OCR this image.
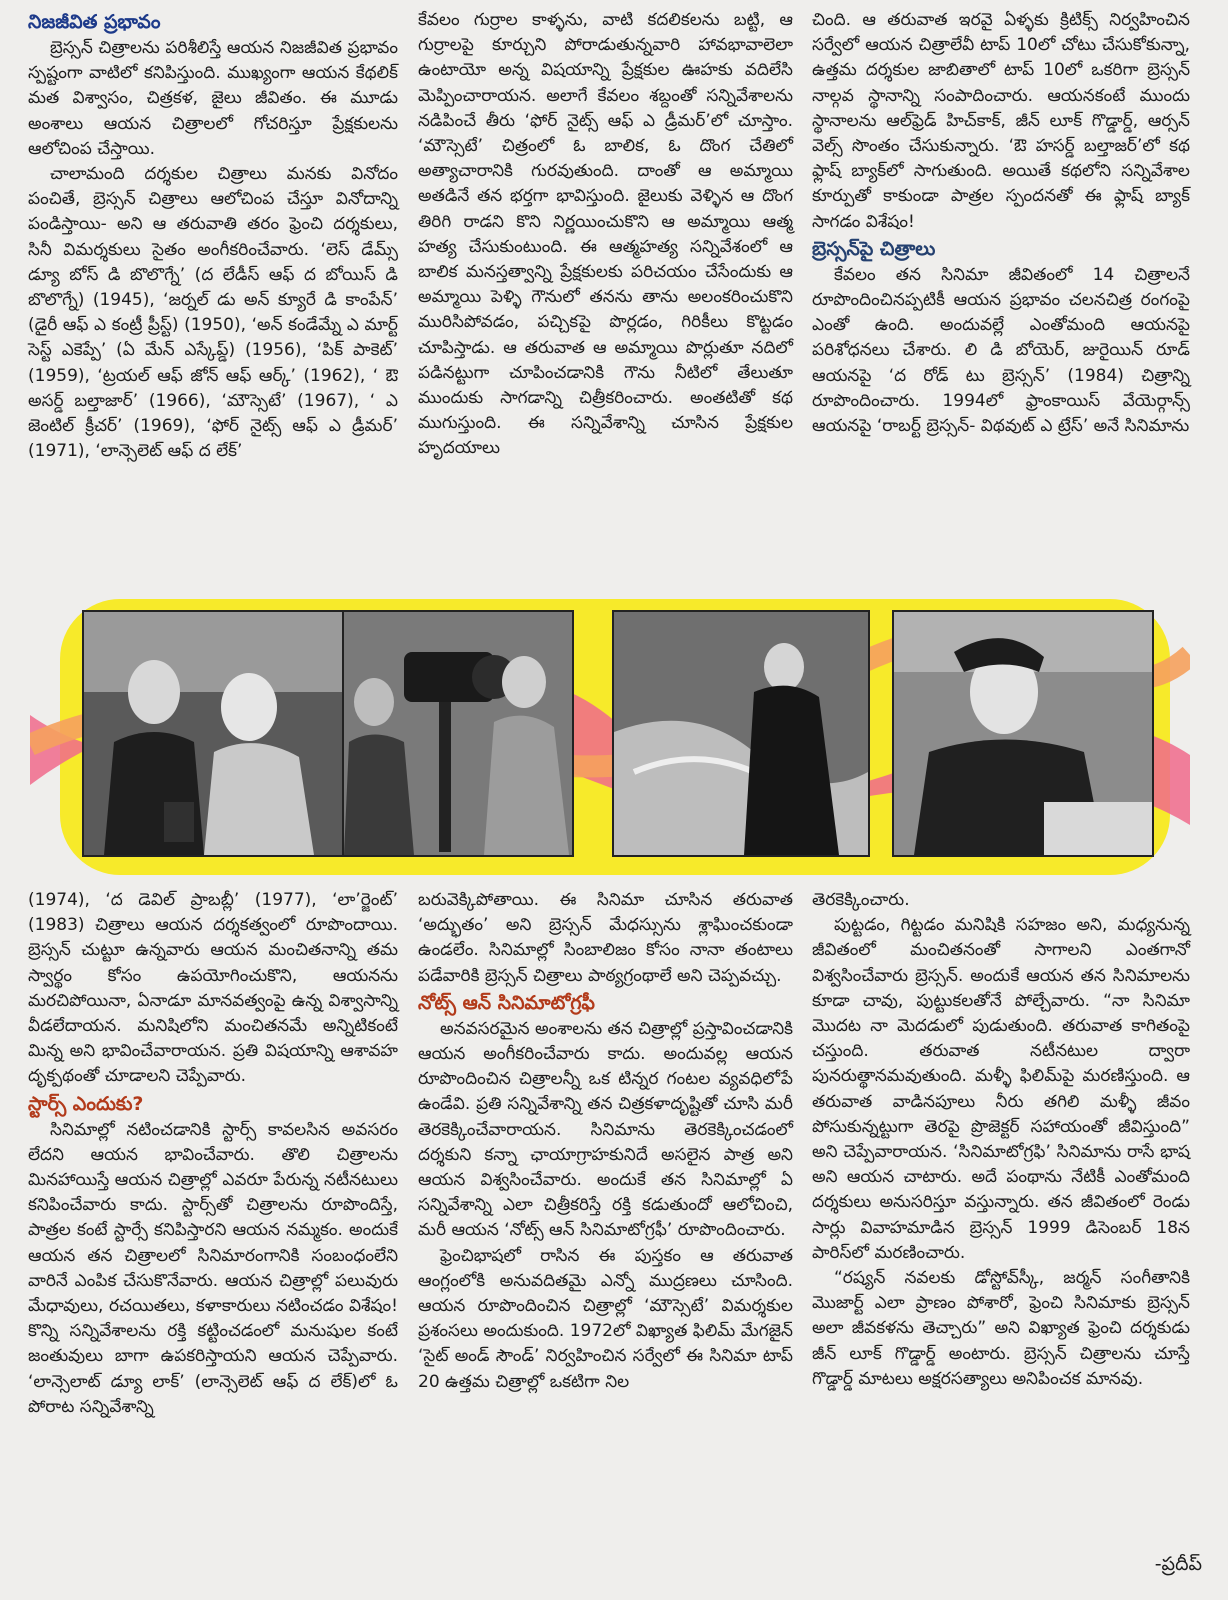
నిజజీవిత ప్రభావం

బ్రెస్సన్ చిత్రాలను పరిశీలిస్తే ఆయన నిజజీవిత ప్రభావం స్పష్టంగా వాటిలో కనిపిస్తుంది. ముఖ్యంగా ఆయన కేథలిక్ మత విశ్వాసం, చిత్రకళ, జైలు జీవితం. ఈ మూడు అంశాలు ఆయన చిత్రాలలో గోచరిస్తూ ప్రేక్షకులను ఆలోచింప చేస్తాయి.

చాలామంది దర్శకుల చిత్రాలు మనకు వినోదం పంచితే, బ్రెస్సన్ చిత్రాలు ఆలోచింప చేస్తూ వినోదాన్ని పండిస్తాయి- అని ఆ తరువాతి తరం ఫ్రెంచి దర్శకులు, సినీ విమర్శకులు సైతం అంగీకరించేవారు. ‘లెస్ డేమ్స్ డ్యూ బోస్ డి బొలొగ్నే’ (ద లేడీస్ ఆఫ్ ద బోయిస్ డి బొలొగ్నే) (1945), ‘జర్నల్ డు అన్ క్యూరే డి కాంపేన్’ (డైరీ ఆఫ్ ఎ కంట్రీ ప్రీస్ట్) (1950), ‘అన్ కండేమ్నే ఎ మార్ట్ సెస్ట్ ఎకెప్పే’ (ఏ మేన్ ఎస్కేప్డ్) (1956), ‘పిక్ పాకెట్’ (1959), ‘ట్రయల్ ఆఫ్ జోన్ ఆఫ్ ఆర్క్’ (1962), ‘ ఔ అసర్డ్ బల్తాజార్’ (1966), ‘మౌస్సెటే’ (1967), ‘ ఎ జెంటిల్ క్రీచర్’ (1969), ‘ఫోర్ నైట్స్ ఆఫ్ ఎ డ్రీమర్’ (1971), ‘లాన్సెలెట్ ఆఫ్ ద లేక్’

కేవలం గుర్రాల కాళ్ళను, వాటి కదలికలను బట్టి, ఆ గుర్రాలపై కూర్చుని పోరాడుతున్నవారి హావభావాలెలా ఉంటాయో అన్న విషయాన్ని ప్రేక్షకుల ఊహకు వదిలేసి మెప్పించారాయన. అలాగే కేవలం శబ్దంతో సన్నివేశాలను నడిపించే తీరు ‘ఫోర్ నైట్స్ ఆఫ్ ఎ డ్రీమర్’లో చూస్తాం. ‘మౌస్సెటే’ చిత్రంలో ఓ బాలిక, ఓ దొంగ చేతిలో అత్యాచారానికి గురవుతుంది. దాంతో ఆ అమ్మాయి అతడినే తన భర్తగా భావిస్తుంది. జైలుకు వెళ్ళిన ఆ దొంగ తిరిగి రాడని కొని నిర్ణయించుకొని ఆ అమ్మాయి ఆత్మ హత్య చేసుకుంటుంది. ఈ ఆత్మహత్య సన్నివేశంలో ఆ బాలిక మనస్తత్వాన్ని ప్రేక్షకులకు పరిచయం చేసేందుకు ఆ అమ్మాయి పెళ్ళి గౌనులో తనను తాను అలంకరించుకొని మురిసిపోవడం, పచ్చికపై పొర్లడం, గిరికీలు కొట్టడం చూపిస్తాడు. ఆ తరువాత ఆ అమ్మాయి పొర్లుతూ నదిలో పడినట్టుగా చూపించడానికి గౌను నీటిలో తేలుతూ ముందుకు సాగడాన్ని చిత్రీకరించారు. అంతటితో కథ ముగుస్తుంది. ఈ సన్నివేశాన్ని చూసిన ప్రేక్షకుల హృదయాలు

చింది. ఆ తరువాత ఇరవై ఏళ్ళకు క్రిటిక్స్ నిర్వహించిన సర్వేలో ఆయన చిత్రాలేవీ టాప్ 10లో చోటు చేసుకోకున్నా, ఉత్తమ దర్శకుల జాబితాలో టాప్ 10లో ఒకరిగా బ్రెస్సన్ నాల్గవ స్థానాన్ని సంపాదించారు. ఆయనకంటే ముందు స్థానాలను ఆల్‌ఫ్రెడ్ హిచ్‌కాక్, జీన్ లూక్ గొడ్డార్డ్, ఆర్సన్ వెల్స్ సొంతం చేసుకున్నారు. ‘ఔ హసర్డ్ బల్తాజర్’లో కథ ఫ్లాష్ బ్యాక్‌లో సాగుతుంది. అయితే కథలోని సన్నివేశాల కూర్పుతో కాకుండా పాత్రల స్పందనతో ఈ ఫ్లాష్ బ్యాక్ సాగడం విశేషం!

బ్రెస్సన్‌పై చిత్రాలు

కేవలం తన సినిమా జీవితంలో 14 చిత్రాలనే రూపొందించినప్పటికీ ఆయన ప్రభావం చలనచిత్ర రంగంపై ఎంతో ఉంది. అందువల్లే ఎంతోమంది ఆయనపై పరిశోధనలు చేశారు. లి డి బోయెర్, జురైయిన్ రూడ్ ఆయనపై ‘ద రోడ్ టు బ్రెస్సన్’ (1984) చిత్రాన్ని రూపొందించారు. 1994లో ఫ్రాంకాయిస్ వేయెర్గాన్స్ ఆయనపై ‘రాబర్ట్ బ్రెస్సన్- విథవుట్ ఎ ట్రేస్’ అనే సినిమాను

(1974), ‘ద డెవిల్ ప్రాబబ్లీ’ (1977), ‘లా’ర్జెంట్’ (1983) చిత్రాలు ఆయన దర్శకత్వంలో రూపొందాయి. బ్రెస్సన్ చుట్టూ ఉన్నవారు ఆయన మంచితనాన్ని తమ స్వార్థం కోసం ఉపయోగించుకొని, ఆయనను మరచిపోయినా, ఏనాడూ మానవత్వంపై ఉన్న విశ్వాసాన్ని వీడలేదాయన. మనిషిలోని మంచితనమే అన్నిటికంటే మిన్న అని భావించేవారాయన. ప్రతి విషయాన్ని ఆశావహ దృక్పథంతో చూడాలని చెప్పేవారు.

స్టార్స్ ఎందుకు?

సినిమాల్లో నటించడానికి స్టార్స్ కావలసిన అవసరం లేదని ఆయన భావించేవారు. తొలి చిత్రాలను మినహాయిస్తే ఆయన చిత్రాల్లో ఎవరూ పేరున్న నటీనటులు కనిపించేవారు కాదు. స్టార్స్‌తో చిత్రాలను రూపొందిస్తే, పాత్రల కంటే స్టార్సే కనిపిస్తారని ఆయన నమ్మకం. అందుకే ఆయన తన చిత్రాలలో సినిమారంగానికి సంబంధంలేని వారినే ఎంపిక చేసుకొనేవారు. ఆయన చిత్రాల్లో పలువురు మేధావులు, రచయితలు, కళాకారులు నటించడం విశేషం! కొన్ని సన్నివేశాలను రక్తి కట్టించడంలో మనుషుల కంటే జంతువులు బాగా ఉపకరిస్తాయని ఆయన చెప్పేవారు. ‘లాన్సెలాట్ డ్యూ లాక్’ (లాన్సెలెట్ ఆఫ్ ద లేక్)లో ఓ పోరాట సన్నివేశాన్ని

బరువెక్కిపోతాయి. ఈ సినిమా చూసిన తరువాత ‘అద్భుతం’ అని బ్రెస్సన్ మేధస్సును శ్లాఘించకుండా ఉండలేం. సినిమాల్లో సింబాలిజం కోసం నానా తంటాలు పడేవారికి బ్రెస్సన్ చిత్రాలు పాఠ్యగ్రంథాలే అని చెప్పవచ్చు.

నోట్స్ ఆన్ సినిమాటోగ్రఫీ

అనవసరమైన అంశాలను తన చిత్రాల్లో ప్రస్తావించడానికి ఆయన అంగీకరించేవారు కాదు. అందువల్ల ఆయన రూపొందించిన చిత్రాలన్నీ ఒక టిన్నర గంటల వ్యవధిలోపే ఉండేవి. ప్రతి సన్నివేశాన్ని తన చిత్రకళాదృష్టితో చూసి మరీ తెరకెక్కించేవారాయన. సినిమాను తెరకెక్కించడంలో దర్శకుని కన్నా ఛాయాగ్రాహకునిదే అసలైన పాత్ర అని ఆయన విశ్వసించేవారు. అందుకే తన సినిమాల్లో ఏ సన్నివేశాన్ని ఎలా చిత్రీకరిస్తే రక్తి కడుతుందో ఆలోచించి, మరీ ఆయన ‘నోట్స్ ఆన్ సినిమాటోగ్రఫీ’ రూపొందించారు.

ఫ్రెంచిభాషలో రాసిన ఈ పుస్తకం ఆ తరువాత ఆంగ్లంలోకి అనువదితమై ఎన్నో ముద్రణలు చూసింది. ఆయన రూపొందించిన చిత్రాల్లో ‘మౌస్సెటే’ విమర్శకుల ప్రశంసలు అందుకుంది. 1972లో విఖ్యాత ఫిలిమ్ మేగజైన్ ‘సైట్ అండ్ సౌండ్’ నిర్వహించిన సర్వేలో ఈ సినిమా టాప్ 20 ఉత్తమ చిత్రాల్లో ఒకటిగా నిల

తెరకెక్కించారు.

పుట్టడం, గిట్టడం మనిషికి సహజం అని, మధ్యనున్న జీవితంలో మంచితనంతో సాగాలని ఎంతగానో విశ్వసించేవారు బ్రెస్సన్. అందుకే ఆయన తన సినిమాలను కూడా చావు, పుట్టుకలతోనే పోల్చేవారు. “నా సినిమా మొదట నా మెదడులో పుడుతుంది. తరువాత కాగితంపై చస్తుంది. తరువాత నటీనటుల ద్వారా పునరుత్థానమవుతుంది. మళ్ళీ ఫిలిమ్‌పై మరణిస్తుంది. ఆ తరువాత వాడినపూలు నీరు తగిలి మళ్ళీ జీవం పోసుకున్నట్టుగా తెరపై ప్రొజెక్టర్ సహాయంతో జీవిస్తుంది” అని చెప్పేవారాయన. ‘సినిమాటోగ్రఫి’ సినిమాను రాసే భాష అని ఆయన చాటారు. అదే పంథాను నేటికీ ఎంతోమంది దర్శకులు అనుసరిస్తూ వస్తున్నారు. తన జీవితంలో రెండు సార్లు వివాహమాడిన బ్రెస్సన్ 1999 డిసెంబర్ 18న పారిస్‌లో మరణించారు.

“రష్యన్ నవలకు డోస్టోవ్‌స్కీ, జర్మన్ సంగీతానికి మొజార్ట్ ఎలా ప్రాణం పోశారో, ఫ్రెంచి సినిమాకు బ్రెస్సన్ అలా జీవకళను తెచ్చారు” అని విఖ్యాత ఫ్రెంచి దర్శకుడు జీన్ లూక్ గొడ్డార్డ్ అంటారు. బ్రెస్సన్ చిత్రాలను చూస్తే గొడ్డార్డ్ మాటలు అక్షరసత్యాలు అనిపించక మానవు.

-ప్రదీప్
